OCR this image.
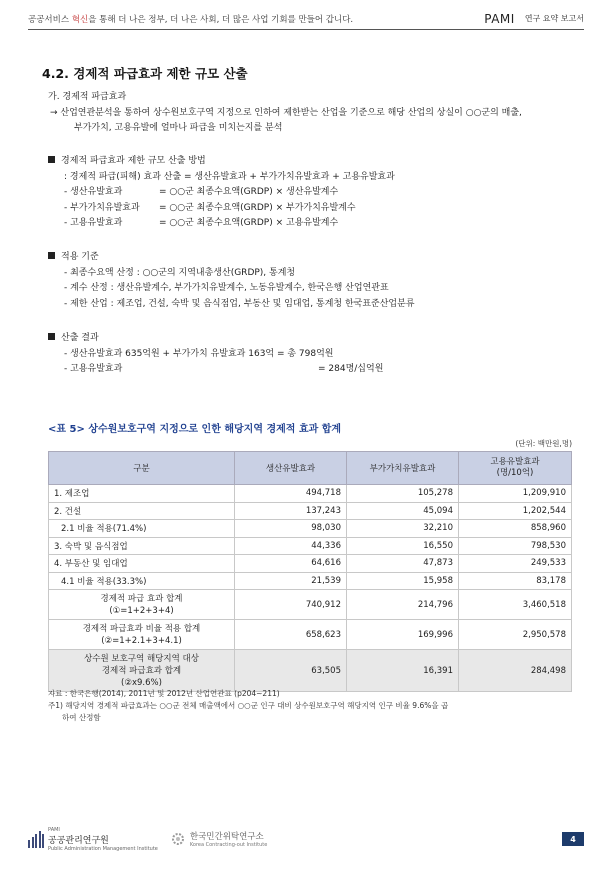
공공서비스 혁신을 통해 더 나은 정부, 더 나은 사회, 더 많은 사업 기회를 만들어 갑니다.	PAMI 연구 요약 보고서
4.2. 경제적 파급효과 제한 규모 산출
가. 경제적 파급효과
→ 산업연관분석을 통하여 상수원보호구역 지정으로 인하여 제한받는 산업을 기준으로 해당 산업의 상실이 ○○군의 매출,
부가가치, 고용유발에 얼마나 파급을 미치는지를 분석
경제적 파급효과 제한 규모 산출 방법
: 경제적 파급(피해) 효과 산출 = 생산유발효과 + 부가가치유발효과 + 고용유발효과
- 생산유발효과	= ○○군 최종수요액(GRDP) × 생산유발계수
- 부가가치유발효과 = ○○군 최종수요액(GRDP) × 부가가치유발계수
- 고용유발효과	= ○○군 최종수요액(GRDP) × 고용유발계수
적용 기준
- 최종수요액 산정 : ○○군의 지역내총생산(GRDP), 통계청
- 계수 산정 : 생산유발계수, 부가가치유발계수, 노동유발계수, 한국은행 산업연관표
- 제한 산업 : 제조업, 건설, 숙박 및 음식점업, 부동산 및 임대업, 통계청 한국표준산업분류
산출 결과
- 생산유발효과 635억원 + 부가가치 유발효과 163억 = 총 798억원
- 고용유발효과	= 284명/십억원
<표 5> 상수원보호구역 지정으로 인한 해당지역 경제적 효과 합계
(단위: 백만원,명)
구분	생산유발효과	부가가치유발효과	고용유발효과
(명/10억)
1. 제조업	494,718	105,278	1,209,910
2. 건설	137,243	45,094	1,202,544
2.1 비율 적용(71.4%)	98,030	32,210	858,960
3. 숙박 및 음식점업	44,336	16,550	798,530
4. 부동산 및 임대업	64,616	47,873	249,533
4.1 비율 적용(33.3%)	21,539	15,958	83,178

경제적 파급 효과 합계
(①=1+2+3+4)	740,912	214,796	3,460,518

경제적 파급효과 비율 적용 합계
(②=1+2.1+3+4.1)	658,623	169,996	2,950,578

상수원 보호구역 해당지역 대상
경제적 파급효과 합계
(②x9.6%)	63,505	16,391	284,498
자료 : 한국은행(2014), 2011년 및 2012년 산업연관표 (p204~211)
주1) 해당지역 경제적 파급효과는 ○○군 전체 매출액에서 ○○군 인구 대비 상수원보호구역 해당지역 인구 비율 9.6%을 곱
하여 산정함
PAMI
공공관리연구원
Public Administration Management Institute
한국민간위탁연구소
Korea Contracting-out Institute
4
